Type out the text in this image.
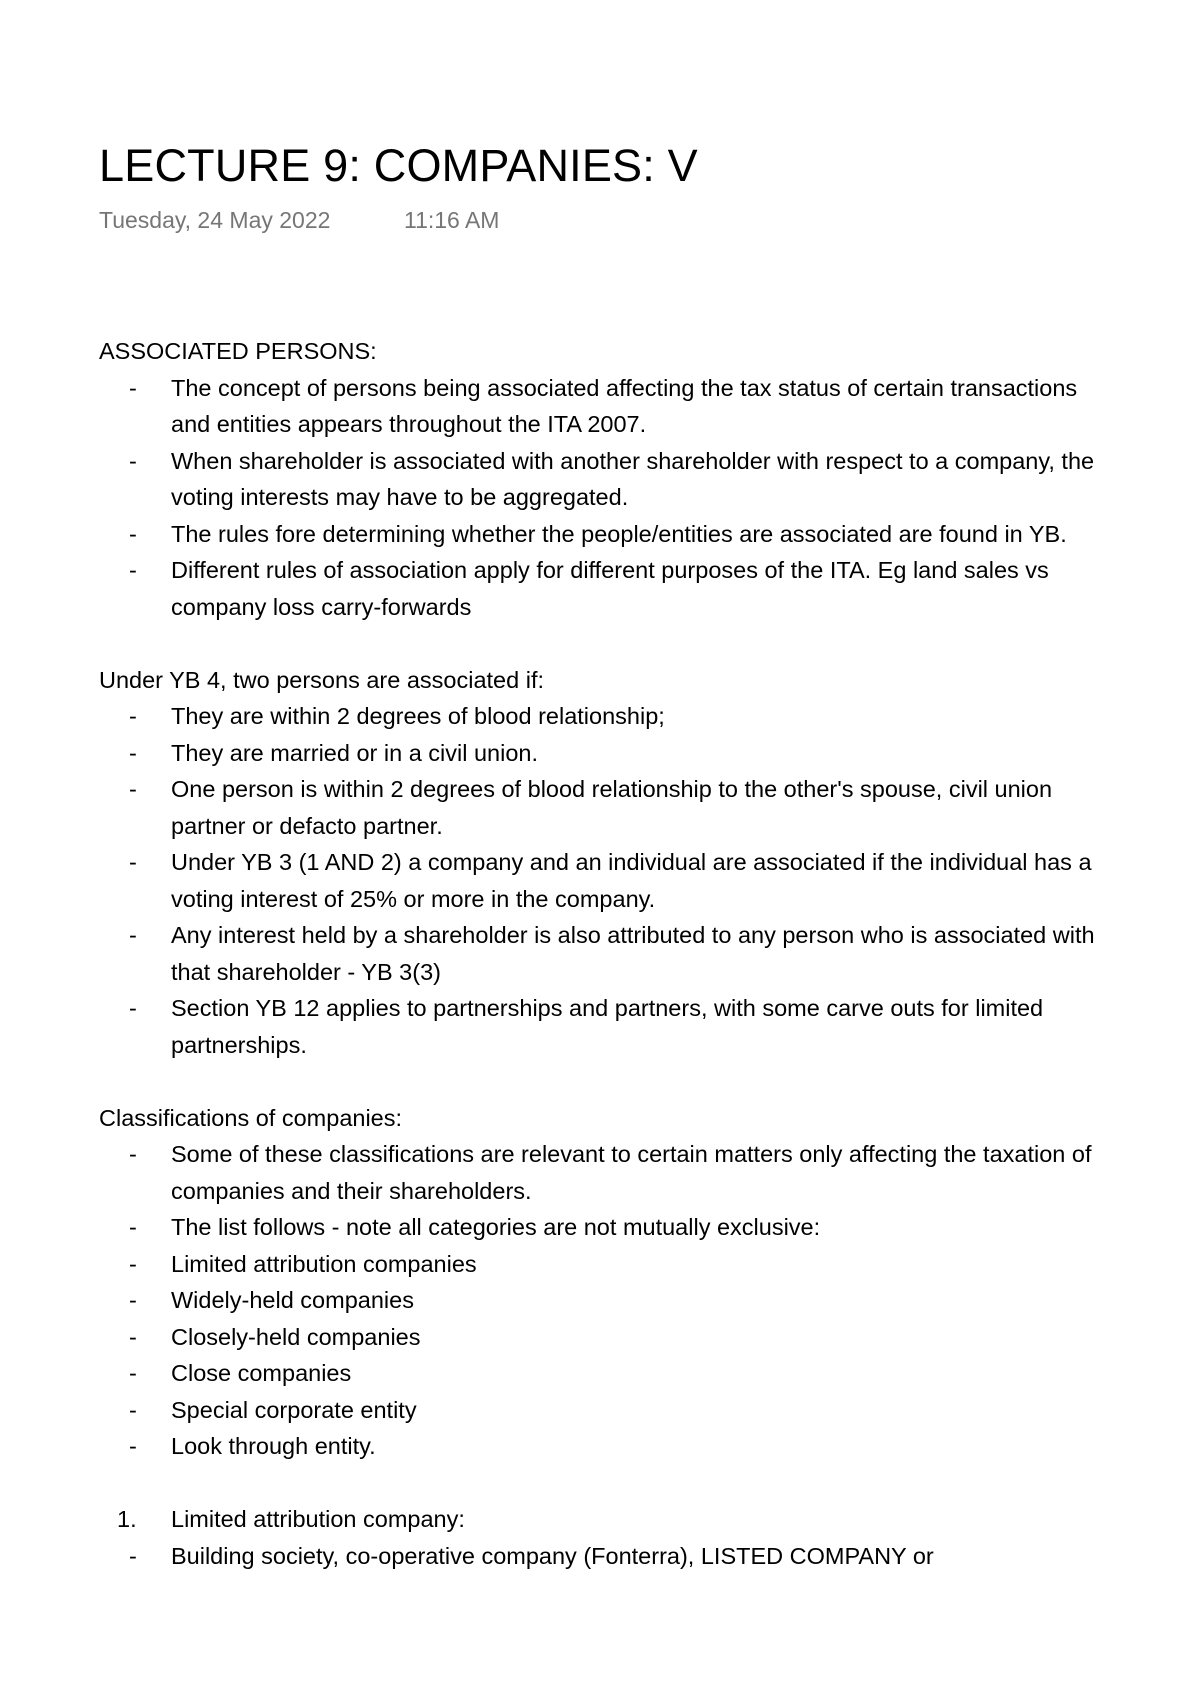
LECTURE 9: COMPANIES: V
Tuesday, 24 May 2022	11:16 AM

ASSOCIATED PERSONS:

- The concept of persons being associated affecting the tax status of certain transactions and entities appears throughout the ITA 2007.
- When shareholder is associated with another shareholder with respect to a company, the voting interests may have to be aggregated.
- The rules fore determining whether the people/entities are associated are found in YB.
- Different rules of association apply for different purposes of the ITA. Eg land sales vs company loss carry-forwards

Under YB 4, two persons are associated if:

- They are within 2 degrees of blood relationship;
- They are married or in a civil union.
- One person is within 2 degrees of blood relationship to the other's spouse, civil union partner or defacto partner.
- Under YB 3 (1 AND 2) a company and an individual are associated if the individual has a voting interest of 25% or more in the company.
- Any interest held by a shareholder is also attributed to any person who is associated with that shareholder - YB 3(3)
- Section YB 12 applies to partnerships and partners, with some carve outs for limited partnerships.

Classifications of companies:

- Some of these classifications are relevant to certain matters only affecting the taxation of companies and their shareholders.
- The list follows - note all categories are not mutually exclusive:
- Limited attribution companies
- Widely-held companies
- Closely-held companies
- Close companies
- Special corporate entity
- Look through entity.
1. Limited attribution company:
- Building society, co-operative company (Fonterra), LISTED COMPANY or
